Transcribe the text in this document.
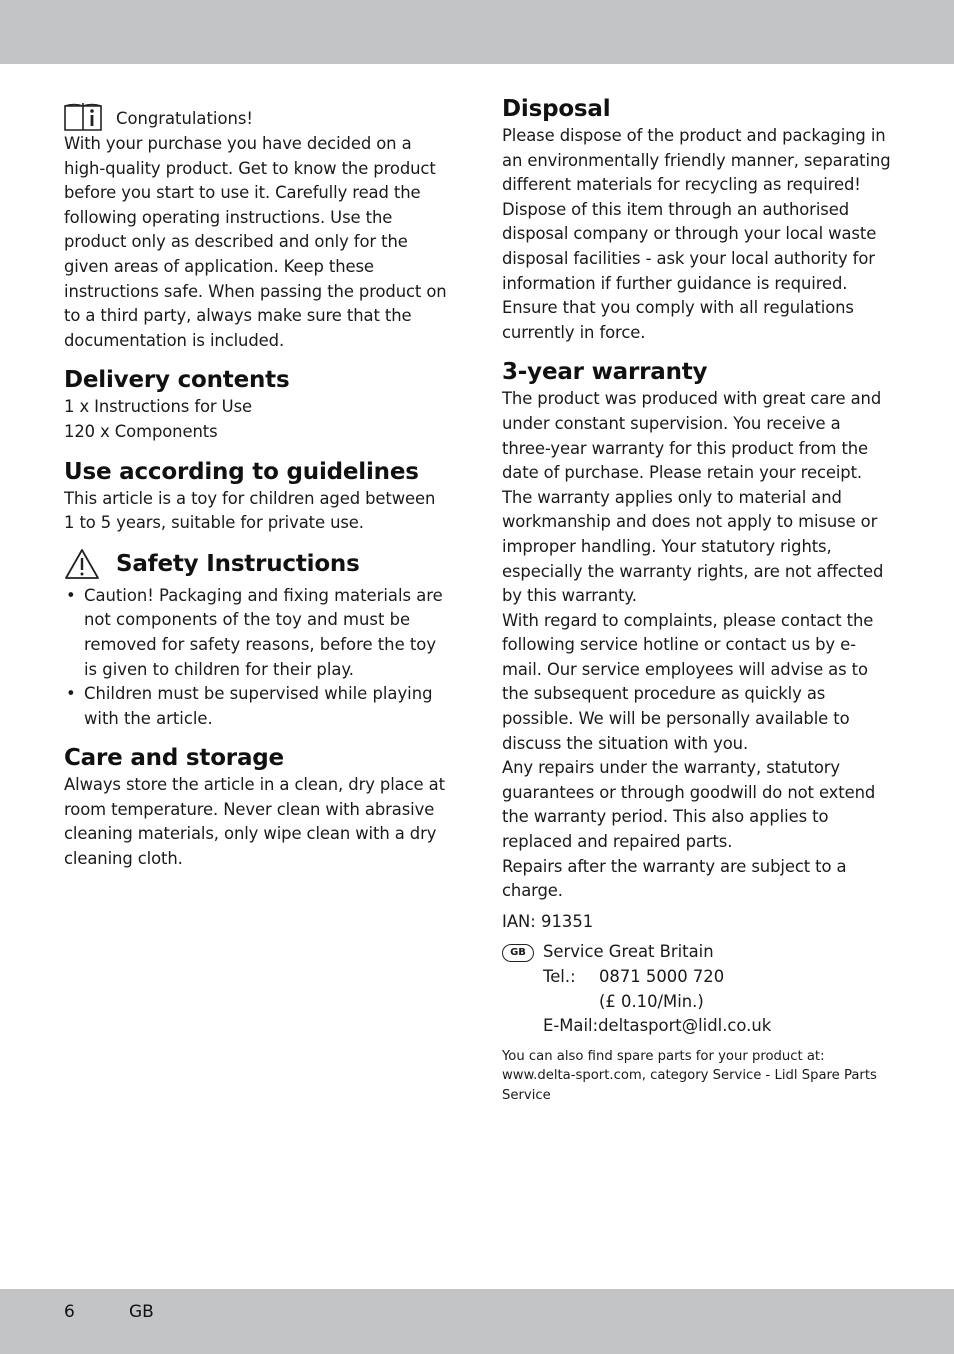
Congratulations!

With your purchase you have decided on a high-quality product. Get to know the product before you start to use it. Carefully read the following operating instructions. Use the product only as described and only for the given areas of application. Keep these instructions safe. When passing the product on to a third party, always make sure that the documentation is included.

Delivery contents
1 x Instructions for Use
120 x Components
Use according to guidelines

This article is a toy for children aged between 1 to 5 years, suitable for private use.

Safety Instructions
• Caution! Packaging and fixing materials are not components of the toy and must be removed for safety reasons, before the toy is given to children for their play.
• Children must be supervised while playing with the article.
Care and storage

Always store the article in a clean, dry place at room temperature. Never clean with abrasive cleaning materials, only wipe clean with a dry cleaning cloth.

Disposal

Please dispose of the product and packaging in an environmentally friendly manner, separating different materials for recycling as required! Dispose of this item through an authorised disposal company or through your local waste disposal facilities - ask your local authority for information if further guidance is required. Ensure that you comply with all regulations currently in force.

3-year warranty

The product was produced with great care and under constant supervision. You receive a three-year warranty for this product from the date of purchase. Please retain your receipt.

The warranty applies only to material and workmanship and does not apply to misuse or improper handling. Your statutory rights, especially the warranty rights, are not affected by this warranty.

With regard to complaints, please contact the following service hotline or contact us by e-mail. Our service employees will advise as to the subsequent procedure as quickly as possible. We will be personally available to discuss the situation with you.

Any repairs under the warranty, statutory guarantees or through goodwill do not extend the warranty period. This also applies to replaced and repaired parts.

Repairs after the warranty are subject to a charge.

IAN: 91351
GB	Service Great Britain
Tel.:	0871 5000 720
(£ 0.10/Min.)
E-Mail:deltasport@lidl.co.uk
You can also find spare parts for your product at: www.delta-sport.com, category Service - Lidl Spare Parts Service
6	GB
